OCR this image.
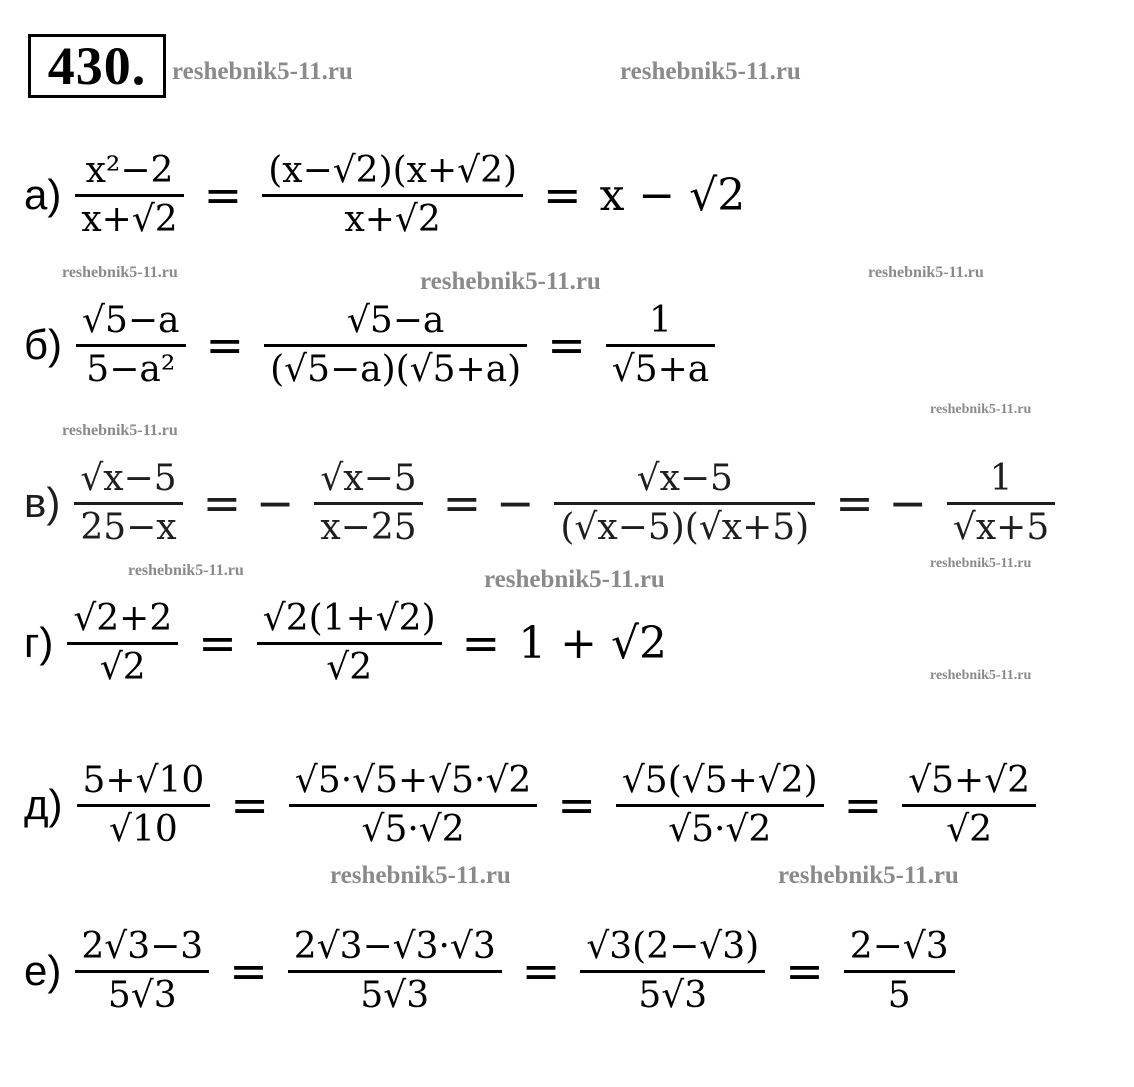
430.	reshebnik5-11.ru	reshebnik5-11.ru
reshebnik5-11.ru	reshebnik5-11.ru	reshebnik5-11.ru
reshebnik5-11.ru
reshebnik5-11.ru
reshebnik5-11.ru	reshebnik5-11.ru
reshebnik5-11.ru
reshebnik5-11.ru
reshebnik5-11.ru	reshebnik5-11.ru
$а) \frac{\text{x²−2}}{x+√2} = \frac{(x-√2)(x+√2)}{x+√2} = x - √2$
$б) \frac{√5-a}{\text{5−a²}} = \frac{√5-a}{(√5-a)(√5+a)} = \frac{1}{√5+a}$
$в) \frac{√x-5}{25-x}$ = − $\frac{√x-5}{x-25}$ = − $\frac{√x-5}{(√x-5)(√x+5)}$ = − $\frac{1}{√x+5}$
$г) \frac{√2+2}{√2} = \frac{√2(1+√2)}{√2} = 1 + √2$
$д) \frac{5+√10}{√10} = \frac{√5\cdot√5+√5\cdot√2}{√5\cdot√2} = \frac{√5(√5+√2)}{√5\cdot√2} = \frac{√5+√2}{√2}$
$е) \frac{2√3-3}{5√3} = \frac{2√3-√3\cdot√3}{5√3} = \frac{√3(2-√3)}{5√3} = \frac{2-√3}{5}$
